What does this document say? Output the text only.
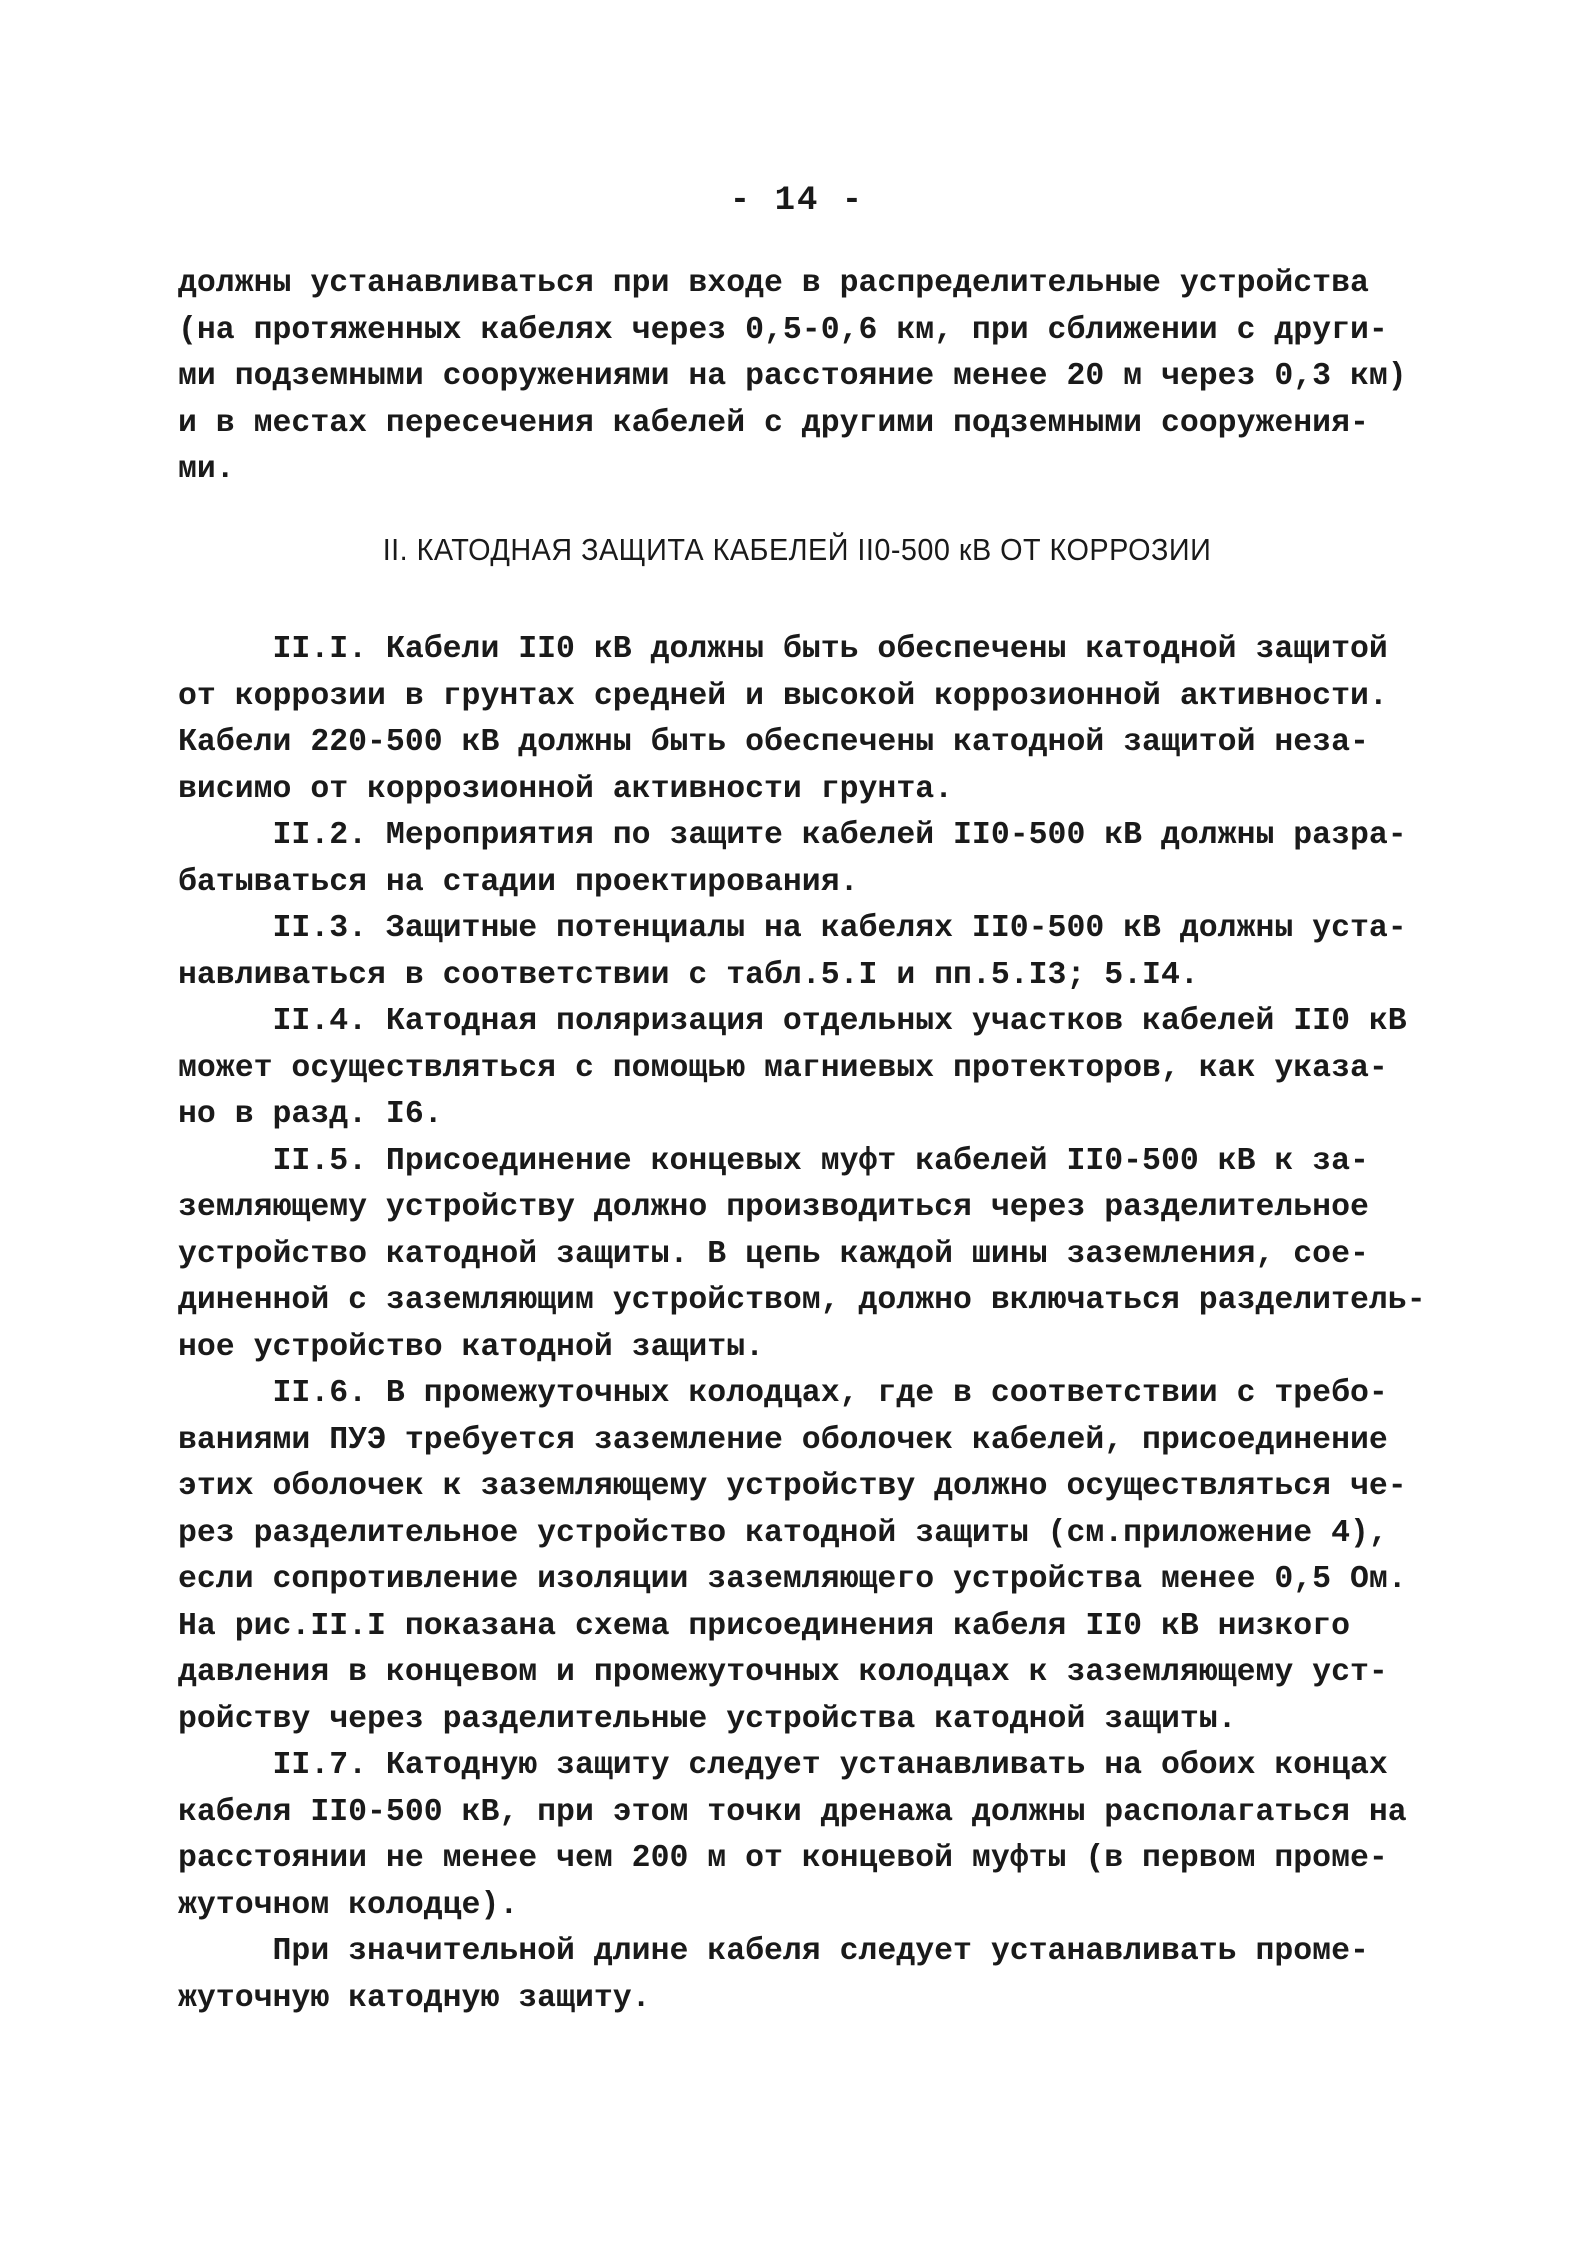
- 14 -
должны устанавливаться при входе в распределительные устройства
(на протяженных кабелях через 0,5-0,6 км, при сближении с други-
ми подземными сооружениями на расстояние менее 20 м через 0,3 км)
и в местах пересечения кабелей с другими подземными сооружения-
ми.
II. КАТОДНАЯ ЗАЩИТА КАБЕЛЕЙ II0-500 кВ ОТ КОРРОЗИИ
II.I. Кабели II0 кВ должны быть обеспечены катодной защитой
от коррозии в грунтах средней и высокой коррозионной активности.
Кабели 220-500 кВ должны быть обеспечены катодной защитой неза-
висимо от коррозионной активности грунта.
II.2. Мероприятия по защите кабелей II0-500 кВ должны разра-
батываться на стадии проектирования.
II.3. Защитные потенциалы на кабелях II0-500 кВ должны уста-
навливаться в соответствии с табл.5.I и пп.5.I3; 5.I4.
II.4. Катодная поляризация отдельных участков кабелей II0 кВ
может осуществляться с помощью магниевых протекторов, как указа-
но в разд. I6.
II.5. Присоединение концевых муфт кабелей II0-500 кВ к за-
земляющему устройству должно производиться через разделительное
устройство катодной защиты. В цепь каждой шины заземления, сое-
диненной с заземляющим устройством, должно включаться разделитель-
ное устройство катодной защиты.
II.6. В промежуточных колодцах, где в соответствии с требо-
ваниями ПУЭ требуется заземление оболочек кабелей, присоединение
этих оболочек к заземляющему устройству должно осуществляться че-
рез разделительное устройство катодной защиты (см.приложение 4),
если сопротивление изоляции заземляющего устройства менее 0,5 Ом.
На рис.II.I показана схема присоединения кабеля II0 кВ низкого
давления в концевом и промежуточных колодцах к заземляющему уст-
ройству через разделительные устройства катодной защиты.
II.7. Катодную защиту следует устанавливать на обоих концах
кабеля II0-500 кВ, при этом точки дренажа должны располагаться на
расстоянии не менее чем 200 м от концевой муфты (в первом проме-
жуточном колодце).
При значительной длине кабеля следует устанавливать проме-
жуточную катодную защиту.
